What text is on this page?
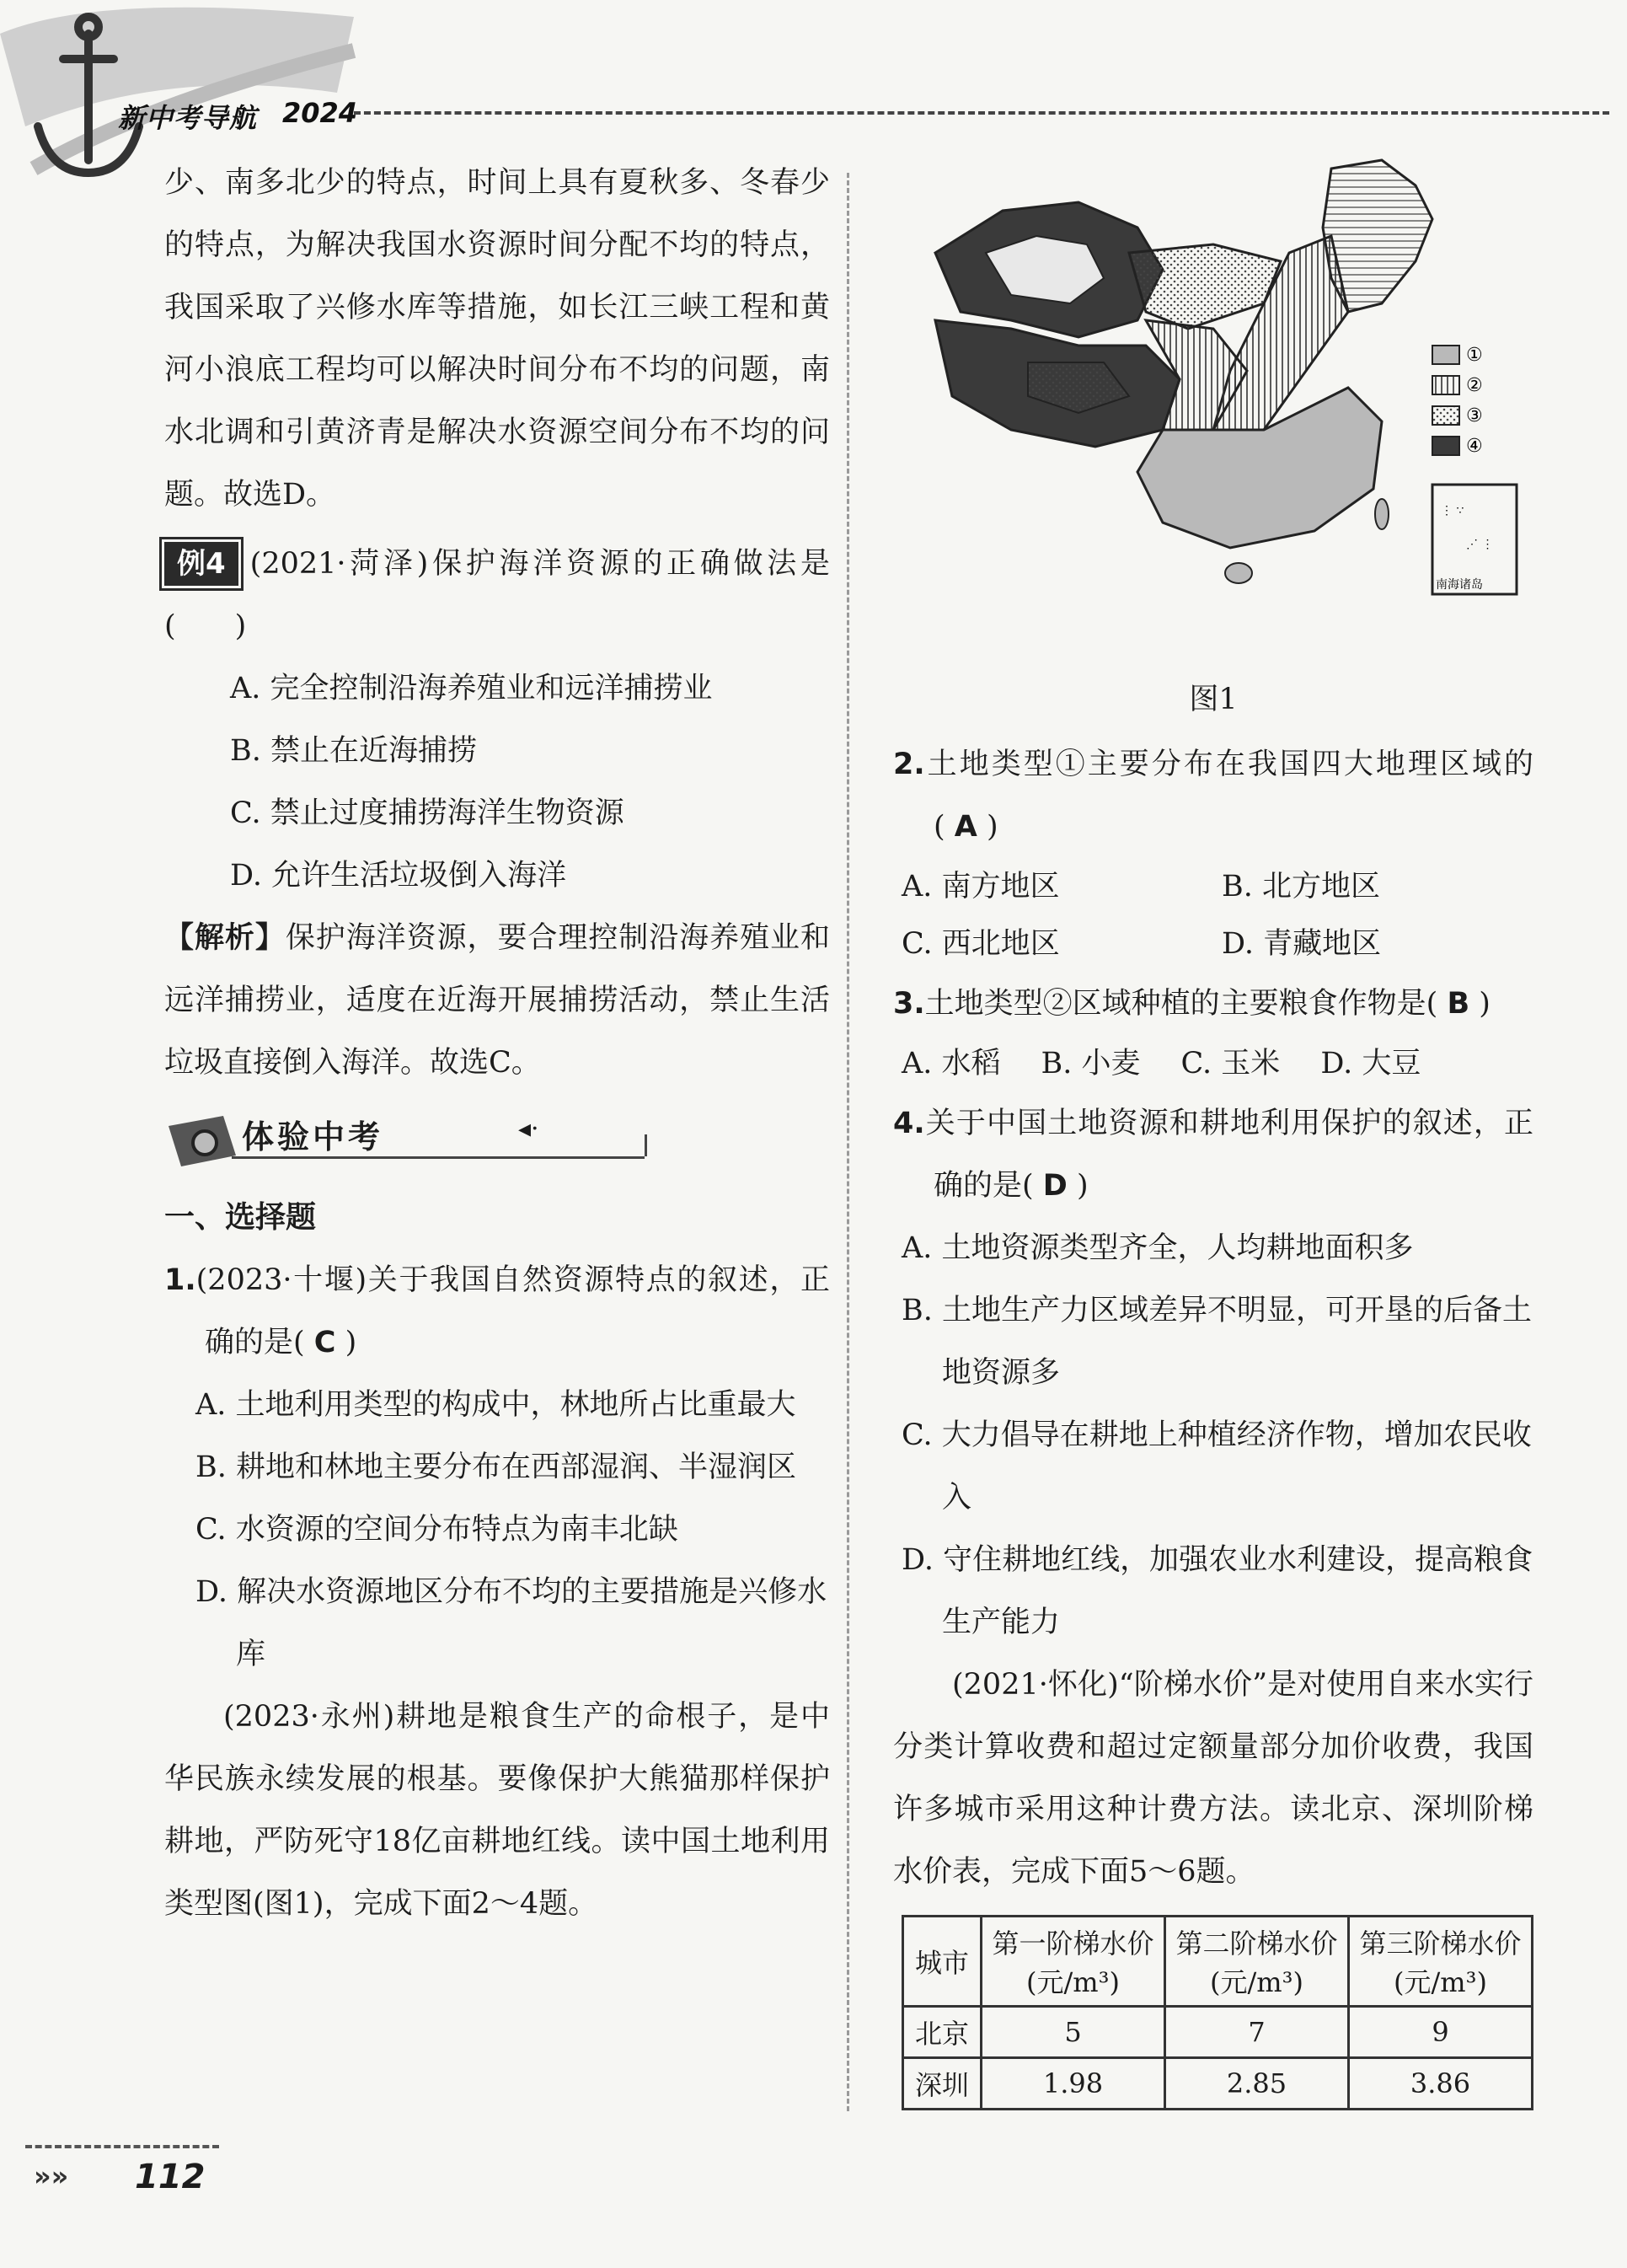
新中考导航 2024

少、南多北少的特点，时间上具有夏秋多、冬春少的特点，为解决我国水资源时间分配不均的特点，我国采取了兴修水库等措施，如长江三峡工程和黄河小浪底工程均可以解决时间分布不均的问题，南水北调和引黄济青是解决水资源空间分布不均的问题。故选D。

例4 (2021·菏泽)保护海洋资源的正确做法是(　　)

A. 完全控制沿海养殖业和远洋捕捞业

B. 禁止在近海捕捞

C. 禁止过度捕捞海洋生物资源

D. 允许生活垃圾倒入海洋

【解析】保护海洋资源，要合理控制沿海养殖业和远洋捕捞业，适度在近海开展捕捞活动，禁止生活垃圾直接倒入海洋。故选C。

体验中考	◂·

一、选择题

1.(2023·十堰)关于我国自然资源特点的叙述，正确的是( C )

A. 土地利用类型的构成中，林地所占比重最大

B. 耕地和林地主要分布在西部湿润、半湿润区

C. 水资源的空间分布特点为南丰北缺

D. 解决水资源地区分布不均的主要措施是兴修水库

(2023·永州)耕地是粮食生产的命根子，是中华民族永续发展的根基。要像保护大熊猫那样保护耕地，严防死守18亿亩耕地红线。读中国土地利用类型图(图1)，完成下面2～4题。

①
②
③
④
⋮ ∵
⋰ ⋮
南海诸岛

图1

2.土地类型①主要分布在我国四大地理区域的( A )

A. 南方地区	B. 北方地区
C. 西北地区	D. 青藏地区

3.土地类型②区域种植的主要粮食作物是( B )

A. 水稻 B. 小麦 C. 玉米 D. 大豆

4.关于中国土地资源和耕地利用保护的叙述，正确的是( D )

A. 土地资源类型齐全，人均耕地面积多

B. 土地生产力区域差异不明显，可开垦的后备土地资源多

C. 大力倡导在耕地上种植经济作物，增加农民收入

D. 守住耕地红线，加强农业水利建设，提高粮食生产能力

(2021·怀化)“阶梯水价”是对使用自来水实行分类计算收费和超过定额量部分加价收费，我国许多城市采用这种计费方法。读北京、深圳阶梯水价表，完成下面5～6题。

城市	第一阶梯水价(元/m³)	第二阶梯水价(元/m³)	第三阶梯水价(元/m³)
北京	5	7	9
深圳	1.98	2.85	3.86
»» 112
